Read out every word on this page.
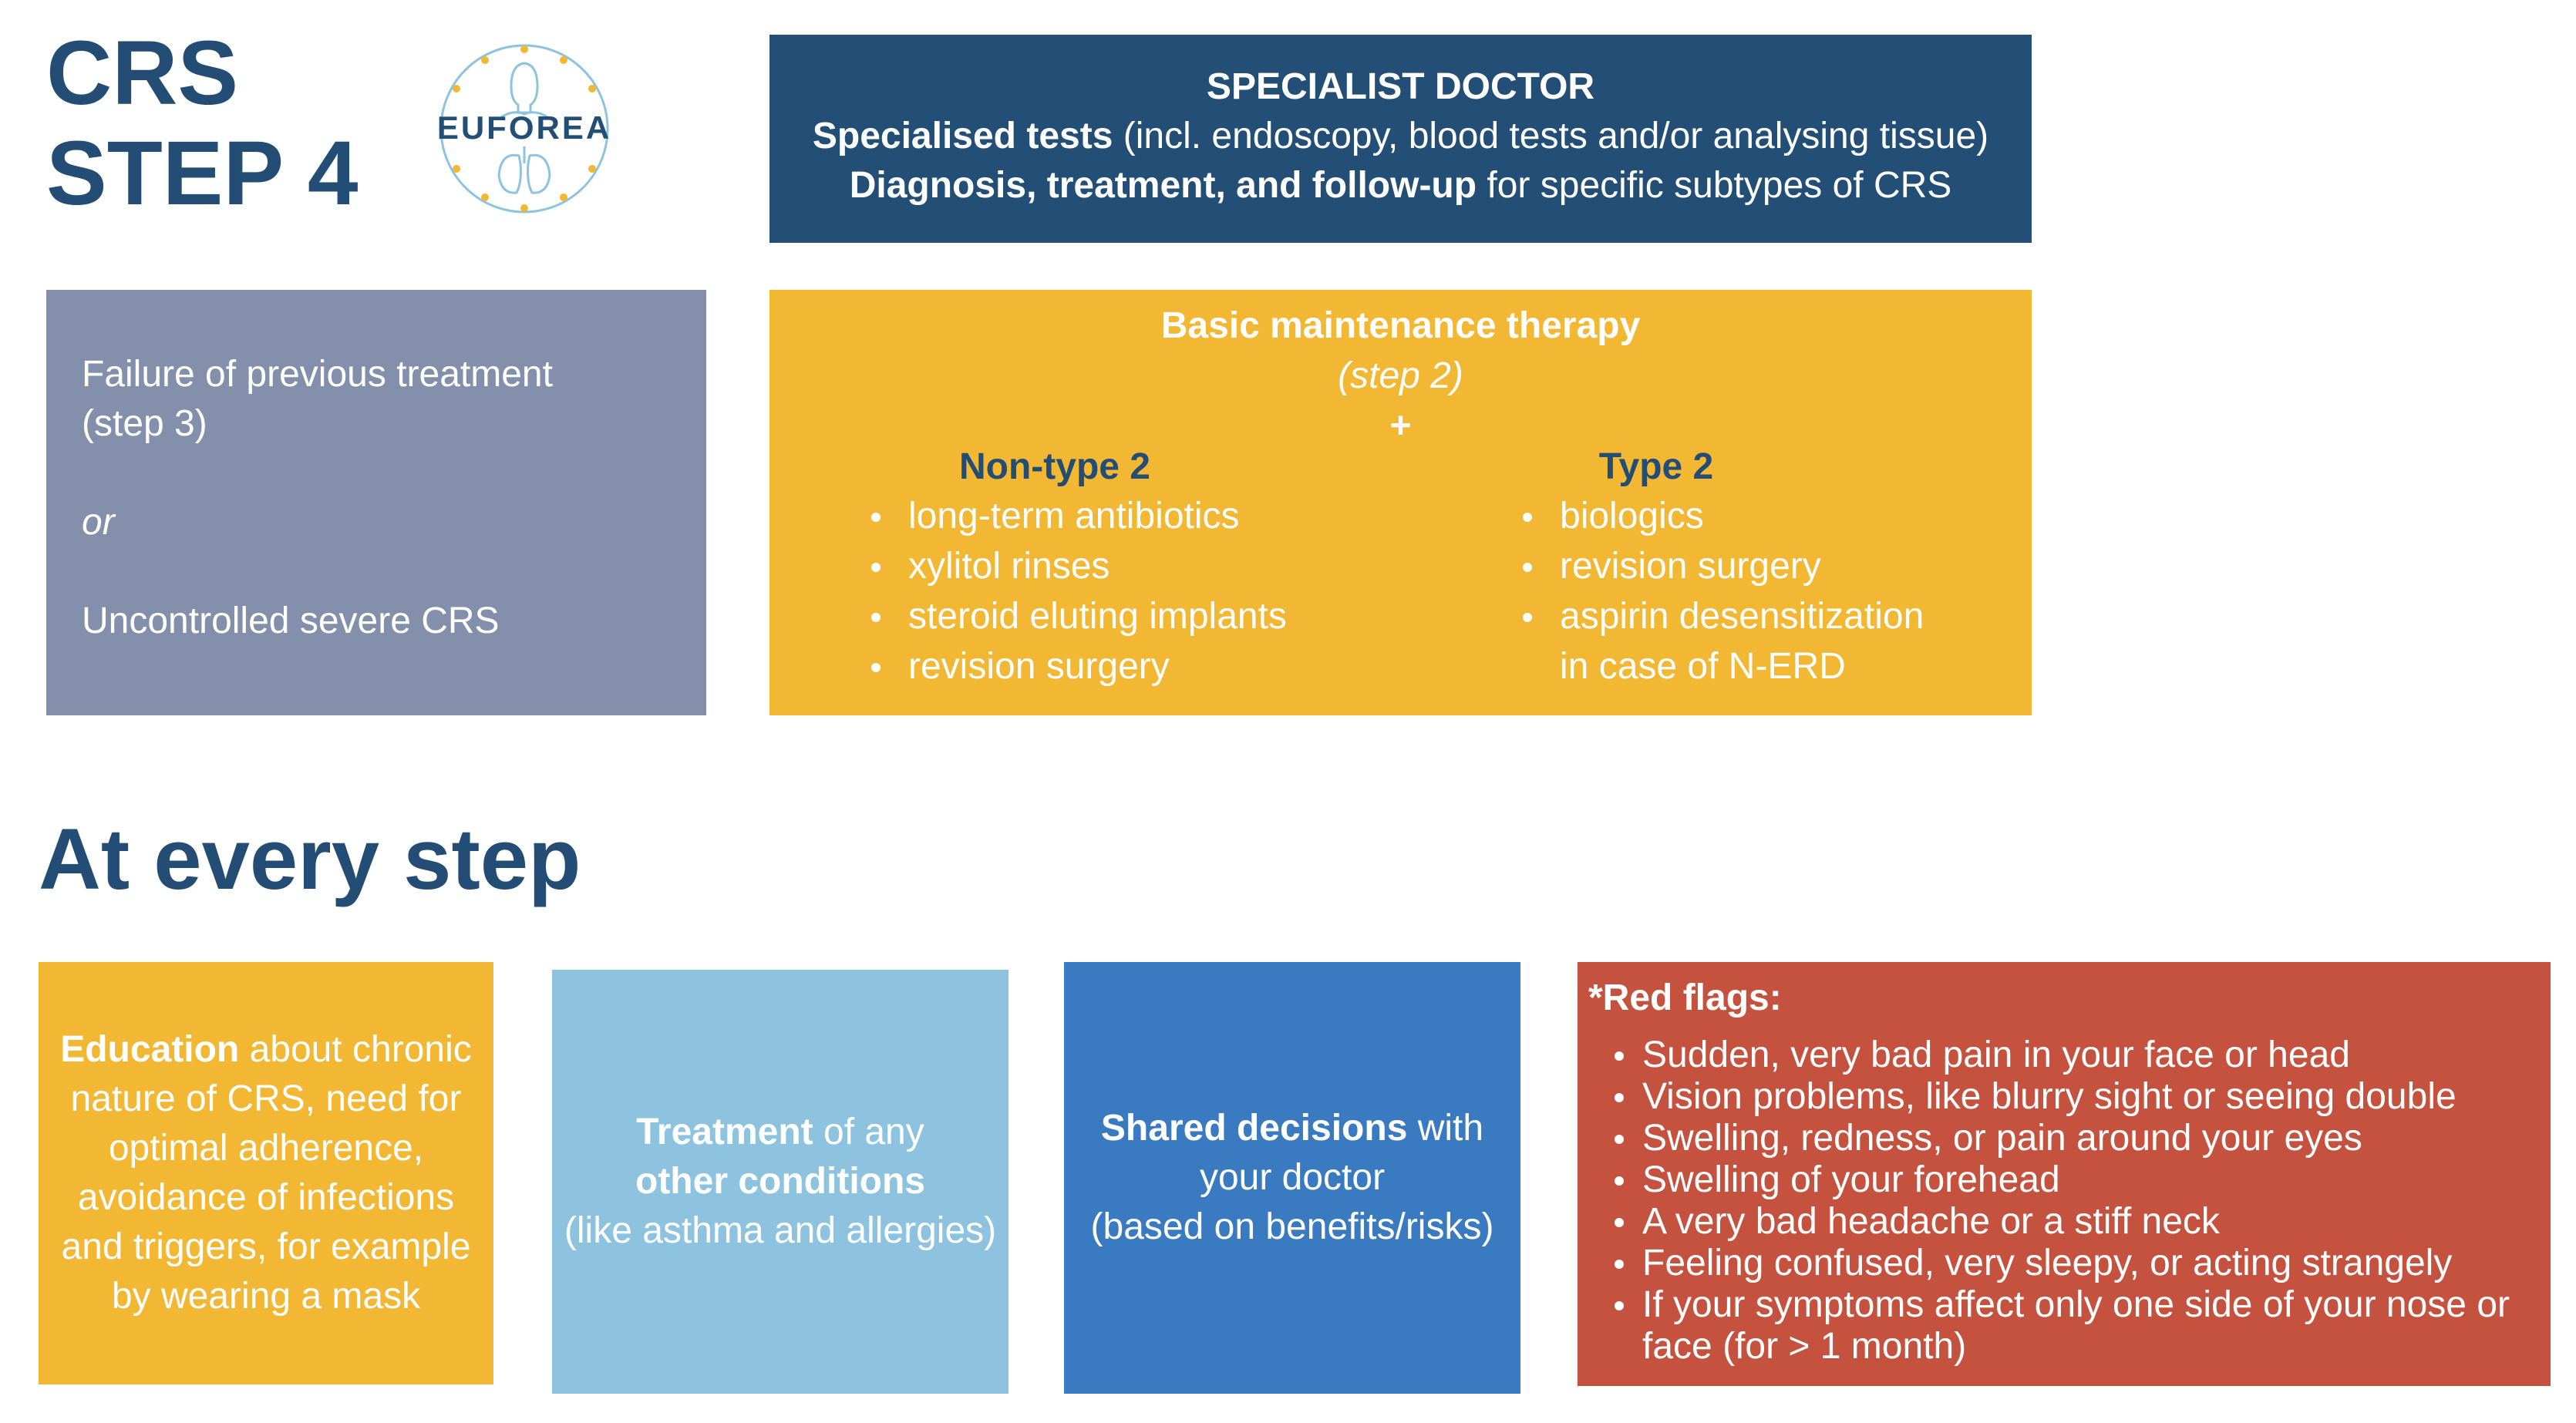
CRS
STEP 4 EUFOREA
SPECIALIST DOCTOR
Specialised tests (incl. endoscopy, blood tests and/or analysing tissue)
Diagnosis, treatment, and follow-up for specific subtypes of CRS

Failure of previous treatment

(step 3)

or

Uncontrolled severe CRS

Basic maintenance therapy
(step 2)
+
Non-type 2
long-term antibiotics
xylitol rinses
steroid eluting implants
revision surgery
Type 2
biologics
revision surgery
aspirin desensitization
in case of N-ERD
At every step
Education about chronic nature of CRS, need for optimal adherence, avoidance of infections and triggers, for example by wearing a mask
Treatment of any
other conditions
(like asthma and allergies)
Shared decisions with
your doctor
(based on benefits/risks)
*Red flags:
Sudden, very bad pain in your face or head
Vision problems, like blurry sight or seeing double
Swelling, redness, or pain around your eyes
Swelling of your forehead
A very bad headache or a stiff neck
Feeling confused, very sleepy, or acting strangely
If your symptoms affect only one side of your nose or face (for > 1 month)
